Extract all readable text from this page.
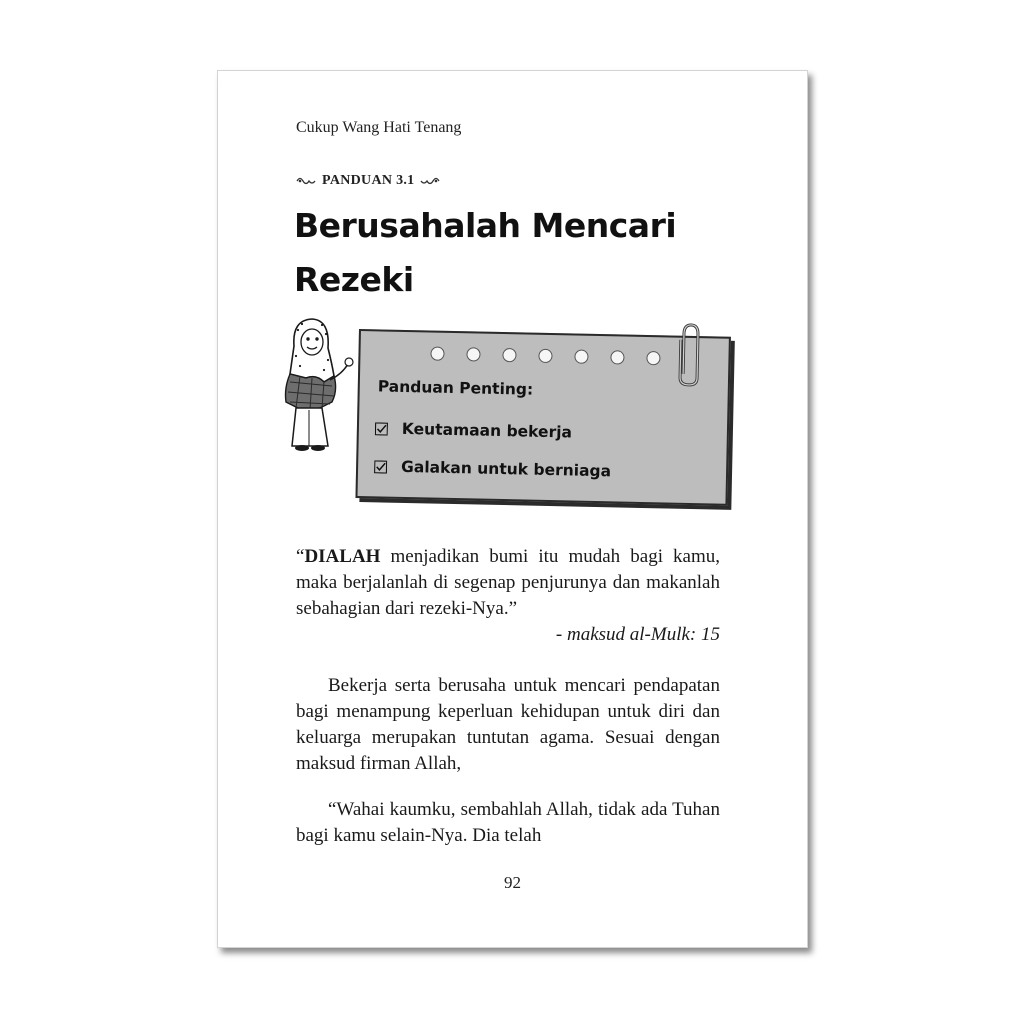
Cukup Wang Hati Tenang
PANDUAN 3.1
Berusahalah Mencari
Rezeki
Panduan Penting:
Keutamaan bekerja
Galakan untuk berniaga
“DIALAH menjadikan bumi itu mudah bagi kamu, maka berjalanlah di segenap penjurunya dan makanlah sebahagian dari rezeki-Nya.”
- maksud al-Mulk: 15
Bekerja serta berusaha untuk mencari pendapatan bagi menampung keperluan kehidupan untuk diri dan keluarga merupakan tuntutan agama. Sesuai dengan maksud firman Allah,
“Wahai kaumku, sembahlah Allah, tidak ada Tuhan bagi kamu selain-Nya. Dia telah
92
